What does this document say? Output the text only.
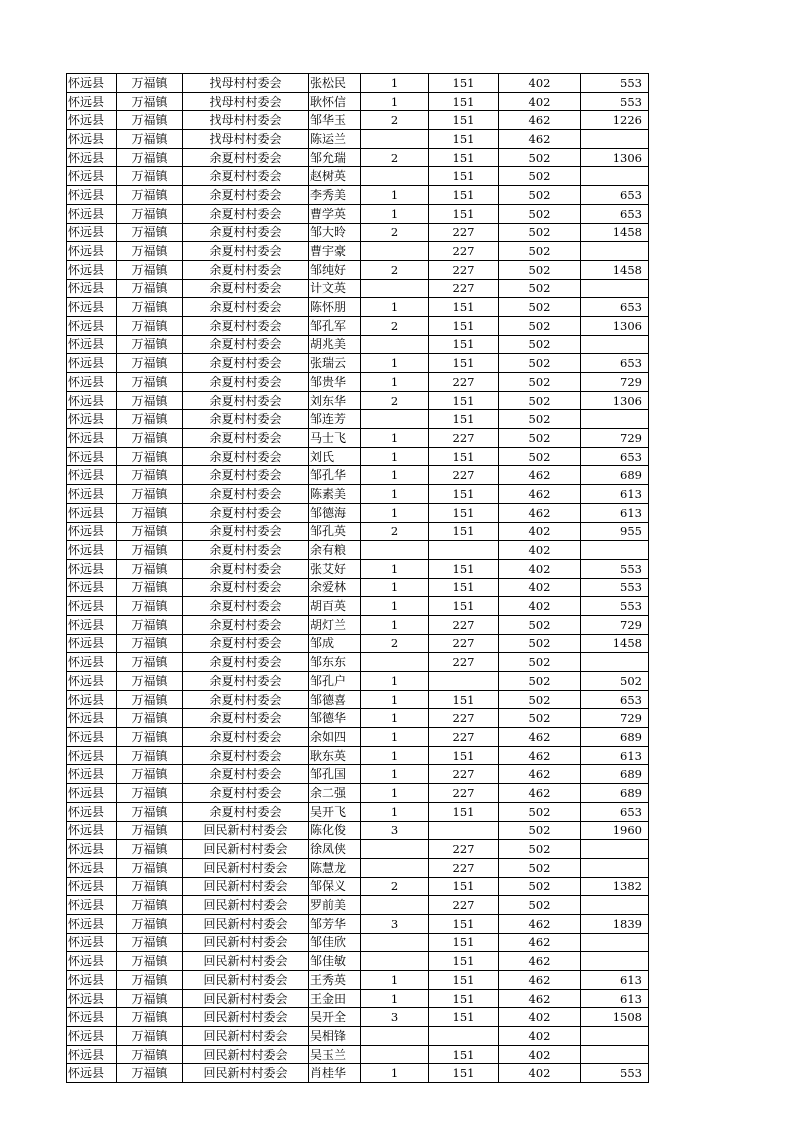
怀远县	万福镇	找母村村委会	张松民	1	151	402	553
怀远县	万福镇	找母村村委会	耿怀信	1	151	402	553
怀远县	万福镇	找母村村委会	邹华玉	2	151	462	1226
怀远县	万福镇	找母村村委会	陈运兰		151	462	
怀远县	万福镇	余夏村村委会	邹允瑞	2	151	502	1306
怀远县	万福镇	余夏村村委会	赵树英		151	502	
怀远县	万福镇	余夏村村委会	李秀美	1	151	502	653
怀远县	万福镇	余夏村村委会	曹学英	1	151	502	653
怀远县	万福镇	余夏村村委会	邹大昤	2	227	502	1458
怀远县	万福镇	余夏村村委会	曹宇豪		227	502	
怀远县	万福镇	余夏村村委会	邹纯好	2	227	502	1458
怀远县	万福镇	余夏村村委会	计文英		227	502	
怀远县	万福镇	余夏村村委会	陈怀朋	1	151	502	653
怀远县	万福镇	余夏村村委会	邹孔军	2	151	502	1306
怀远县	万福镇	余夏村村委会	胡兆美		151	502	
怀远县	万福镇	余夏村村委会	张瑞云	1	151	502	653
怀远县	万福镇	余夏村村委会	邹贵华	1	227	502	729
怀远县	万福镇	余夏村村委会	刘东华	2	151	502	1306
怀远县	万福镇	余夏村村委会	邹连芳		151	502	
怀远县	万福镇	余夏村村委会	马士飞	1	227	502	729
怀远县	万福镇	余夏村村委会	刘氏	1	151	502	653
怀远县	万福镇	余夏村村委会	邹孔华	1	227	462	689
怀远县	万福镇	余夏村村委会	陈素美	1	151	462	613
怀远县	万福镇	余夏村村委会	邹德海	1	151	462	613
怀远县	万福镇	余夏村村委会	邹孔英	2	151	402	955
怀远县	万福镇	余夏村村委会	余有粮			402	
怀远县	万福镇	余夏村村委会	张艾好	1	151	402	553
怀远县	万福镇	余夏村村委会	余爱林	1	151	402	553
怀远县	万福镇	余夏村村委会	胡百英	1	151	402	553
怀远县	万福镇	余夏村村委会	胡灯兰	1	227	502	729
怀远县	万福镇	余夏村村委会	邹成	2	227	502	1458
怀远县	万福镇	余夏村村委会	邹东东		227	502	
怀远县	万福镇	余夏村村委会	邹孔户	1		502	502
怀远县	万福镇	余夏村村委会	邹德喜	1	151	502	653
怀远县	万福镇	余夏村村委会	邹德华	1	227	502	729
怀远县	万福镇	余夏村村委会	余如四	1	227	462	689
怀远县	万福镇	余夏村村委会	耿东英	1	151	462	613
怀远县	万福镇	余夏村村委会	邹孔国	1	227	462	689
怀远县	万福镇	余夏村村委会	余二强	1	227	462	689
怀远县	万福镇	余夏村村委会	吴开飞	1	151	502	653
怀远县	万福镇	回民新村村委会	陈化俊	3		502	1960
怀远县	万福镇	回民新村村委会	徐凤侠		227	502	
怀远县	万福镇	回民新村村委会	陈慧龙		227	502	
怀远县	万福镇	回民新村村委会	邹保义	2	151	502	1382
怀远县	万福镇	回民新村村委会	罗前美		227	502	
怀远县	万福镇	回民新村村委会	邹芳华	3	151	462	1839
怀远县	万福镇	回民新村村委会	邹佳欣		151	462	
怀远县	万福镇	回民新村村委会	邹佳敏		151	462	
怀远县	万福镇	回民新村村委会	王秀英	1	151	462	613
怀远县	万福镇	回民新村村委会	王金田	1	151	462	613
怀远县	万福镇	回民新村村委会	吴开全	3	151	402	1508
怀远县	万福镇	回民新村村委会	吴相锋			402	
怀远县	万福镇	回民新村村委会	吴玉兰		151	402	
怀远县	万福镇	回民新村村委会	肖桂华	1	151	402	553
